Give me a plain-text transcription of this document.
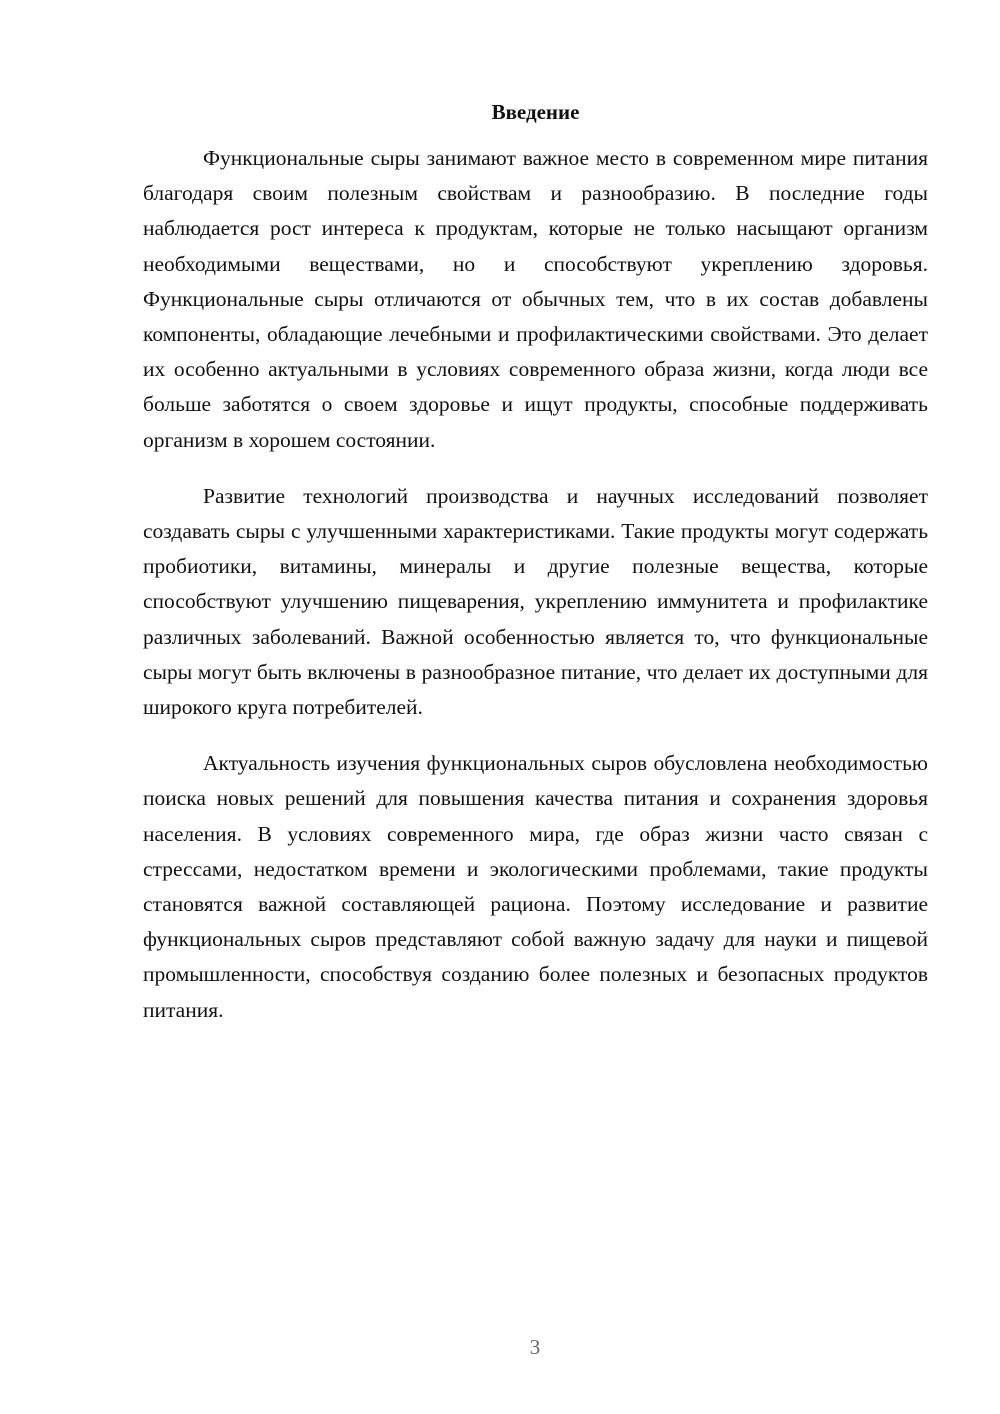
Введение

Функциональные сыры занимают важное место в современном мире питания благодаря своим полезным свойствам и разнообразию. В последние годы наблюдается рост интереса к продуктам, которые не только насыщают организм необходимыми веществами, но и способствуют укреплению здоровья. Функциональные сыры отличаются от обычных тем, что в их состав добавлены компоненты, обладающие лечебными и профилактическими свойствами. Это делает их особенно актуальными в условиях современного образа жизни, когда люди все больше заботятся о своем здоровье и ищут продукты, способные поддерживать организм в хорошем состоянии.

Развитие технологий производства и научных исследований позволяет создавать сыры с улучшенными характеристиками. Такие продукты могут содержать пробиотики, витамины, минералы и другие полезные вещества, которые способствуют улучшению пищеварения, укреплению иммунитета и профилактике различных заболеваний. Важной особенностью является то, что функциональные сыры могут быть включены в разнообразное питание, что делает их доступными для широкого круга потребителей.

Актуальность изучения функциональных сыров обусловлена необходимостью поиска новых решений для повышения качества питания и сохранения здоровья населения. В условиях современного мира, где образ жизни часто связан с стрессами, недостатком времени и экологическими проблемами, такие продукты становятся важной составляющей рациона. Поэтому исследование и развитие функциональных сыров представляют собой важную задачу для науки и пищевой промышленности, способствуя созданию более полезных и безопасных продуктов питания.

3
